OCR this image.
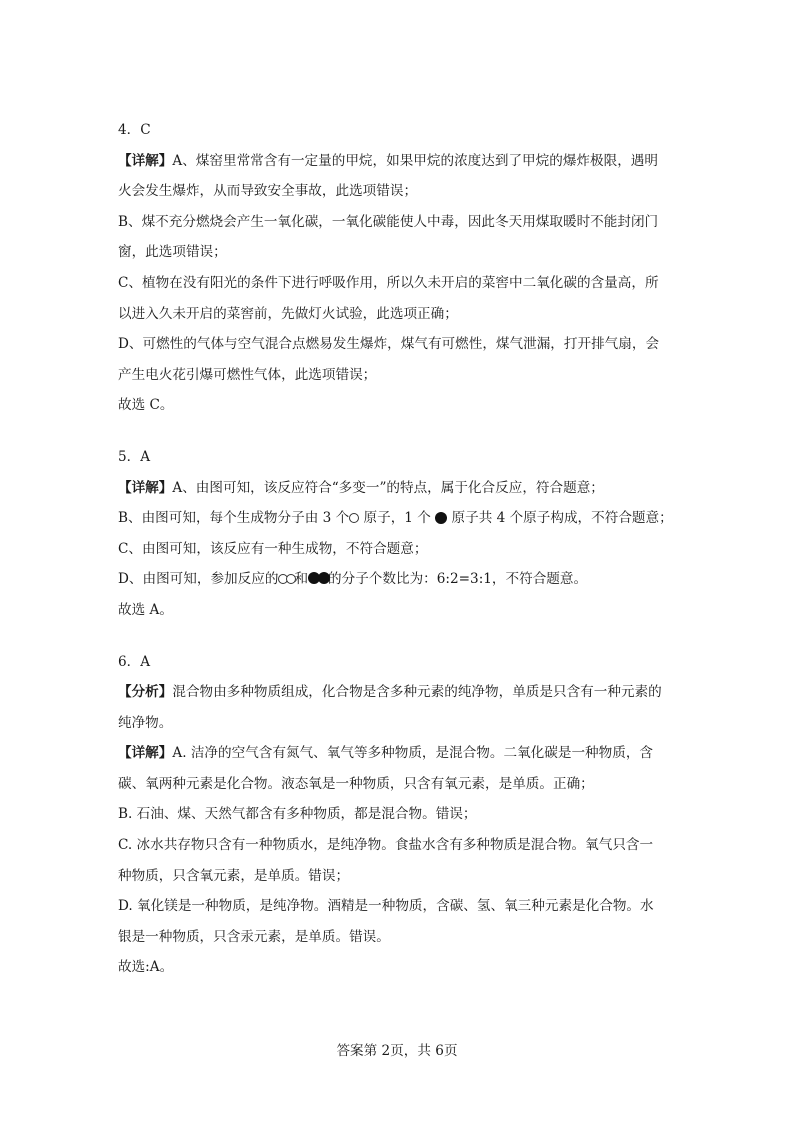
4．C
【详解】A、煤窑里常常含有一定量的甲烷，如果甲烷的浓度达到了甲烷的爆炸极限，遇明
火会发生爆炸，从而导致安全事故，此选项错误；
B、煤不充分燃烧会产生一氧化碳，一氧化碳能使人中毒，因此冬天用煤取暖时不能封闭门
窗，此选项错误；
C、植物在没有阳光的条件下进行呼吸作用，所以久未开启的菜窖中二氧化碳的含量高，所
以进入久未开启的菜窖前，先做灯火试验，此选项正确；
D、可燃性的气体与空气混合点燃易发生爆炸，煤气有可燃性，煤气泄漏，打开排气扇，会
产生电火花引爆可燃性气体，此选项错误；
故选 C。
5．A
【详解】A、由图可知，该反应符合“多变一”的特点，属于化合反应，符合题意；
B、由图可知，每个生成物分子由 3 个 原子，1 个  原子共 4 个原子构成，不符合题意；
C、由图可知，该反应有一种生成物，不符合题意；
D、由图可知，参加反应的 和 的分子个数比为：6:2=3:1，不符合题意。
故选 A。
6．A
【分析】混合物由多种物质组成，化合物是含多种元素的纯净物，单质是只含有一种元素的
纯净物。
【详解】A. 洁净的空气含有氮气、氧气等多种物质，是混合物。二氧化碳是一种物质，含
碳、氧两种元素是化合物。液态氧是一种物质，只含有氧元素，是单质。正确；
B. 石油、煤、天然气都含有多种物质，都是混合物。错误；
C. 冰水共存物只含有一种物质水，是纯净物。食盐水含有多种物质是混合物。氧气只含一
种物质，只含氧元素，是单质。错误；
D. 氧化镁是一种物质，是纯净物。酒精是一种物质，含碳、氢、氧三种元素是化合物。水
银是一种物质，只含汞元素，是单质。错误。
故选:A。
答案第 2页，共 6页
